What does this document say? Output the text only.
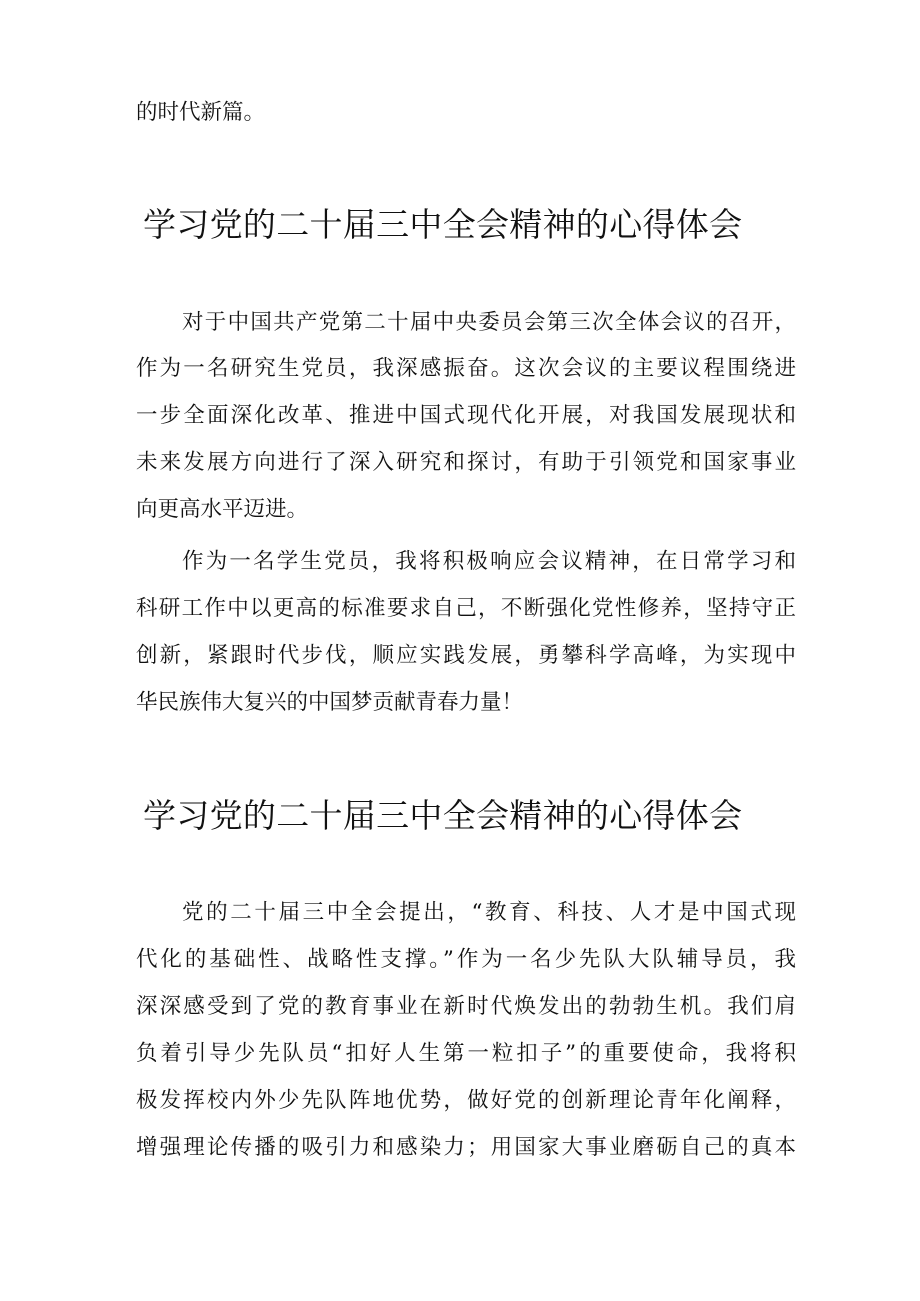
的时代新篇。
学习党的二十届三中全会精神的心得体会
对于中国共产党第二十届中央委员会第三次全体会议的召开，
作为一名研究生党员，我深感振奋。这次会议的主要议程围绕进
一步全面深化改革、推进中国式现代化开展，对我国发展现状和
未来发展方向进行了深入研究和探讨，有助于引领党和国家事业
向更高水平迈进。
作为一名学生党员，我将积极响应会议精神，在日常学习和
科研工作中以更高的标准要求自己，不断强化党性修养，坚持守正
创新，紧跟时代步伐，顺应实践发展，勇攀科学高峰，为实现中
华民族伟大复兴的中国梦贡献青春力量！
学习党的二十届三中全会精神的心得体会
党的二十届三中全会提出，“教育、科技、人才是中国式现
代化的基础性、战略性支撑。”作为一名少先队大队辅导员，我
深深感受到了党的教育事业在新时代焕发出的勃勃生机。我们肩
负着引导少先队员“扣好人生第一粒扣子”的重要使命，我将积
极发挥校内外少先队阵地优势，做好党的创新理论青年化阐释，
增强理论传播的吸引力和感染力；用国家大事业磨砺自己的真本
